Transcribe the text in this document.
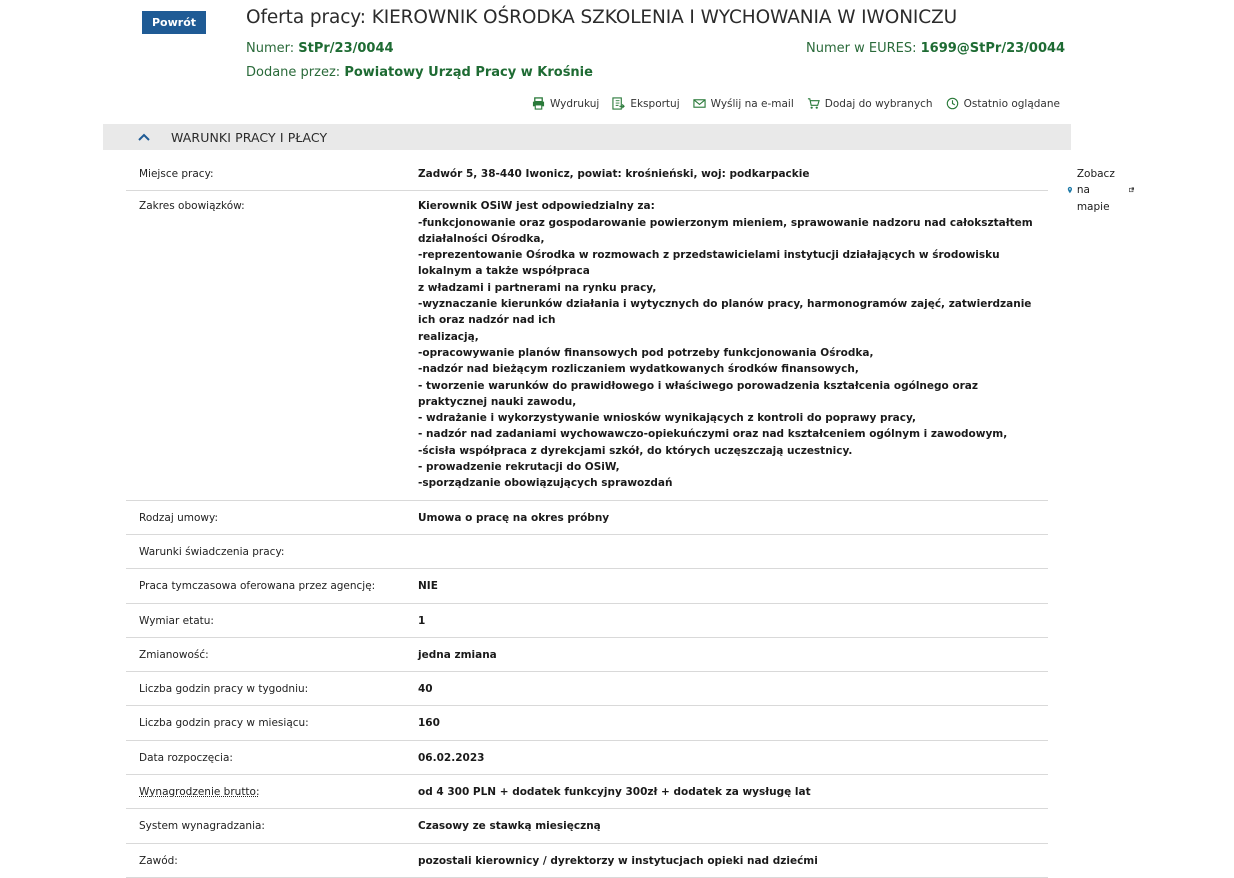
Powrót	Oferta pracy: KIEROWNIK OŚRODKA SZKOLENIA I WYCHOWANIA W IWONICZU
Numer: StPr/23/0044	Numer w EURES: 1699@StPr/23/0044
Dodane przez: Powiatowy Urząd Pracy w Krośnie
Wydrukuj	Eksportuj	Wyślij na e-mail	Dodaj do wybranych	Ostatnio oglądane
WARUNKI PRACY I PŁACY
Miejsce pracy:	Zadwór 5, 38-440 Iwonicz, powiat: krośnieński, woj: podkarpackie	Zobacz na mapie
Zakres obowiązków:	Kierownik OSiW jest odpowiedzialny za:
-funkcjonowanie oraz gospodarowanie powierzonym mieniem, sprawowanie nadzoru nad całokształtem działalności Ośrodka,
-reprezentowanie Ośrodka w rozmowach z przedstawicielami instytucji działających w środowisku lokalnym a także współpraca
z władzami i partnerami na rynku pracy,
-wyznaczanie kierunków działania i wytycznych do planów pracy, harmonogramów zajęć, zatwierdzanie ich oraz nadzór nad ich
realizacją,
-opracowywanie planów finansowych pod potrzeby funkcjonowania Ośrodka,
-nadzór nad bieżącym rozliczaniem wydatkowanych środków finansowych,
- tworzenie warunków do prawidłowego i właściwego porowadzenia kształcenia ogólnego oraz praktycznej nauki zawodu,
- wdrażanie i wykorzystywanie wniosków wynikających z kontroli do poprawy pracy,
- nadzór nad zadaniami wychowawczo-opiekuńczymi oraz nad kształceniem ogólnym i zawodowym,
-ścisła współpraca z dyrekcjami szkół, do których uczęszczają uczestnicy.
- prowadzenie rekrutacji do OSiW,
-sporządzanie obowiązujących sprawozdań
Rodzaj umowy:	Umowa o pracę na okres próbny
Warunki świadczenia pracy:
Praca tymczasowa oferowana przez agencję:	NIE
Wymiar etatu:	1
Zmianowość:	jedna zmiana
Liczba godzin pracy w tygodniu:	40
Liczba godzin pracy w miesiącu:	160
Data rozpoczęcia:	06.02.2023
Wynagrodzenie brutto:	od 4 300 PLN + dodatek funkcyjny 300zł + dodatek za wysługę lat
System wynagradzania:	Czasowy ze stawką miesięczną
Zawód:	pozostali kierownicy / dyrektorzy w instytucjach opieki nad dziećmi
